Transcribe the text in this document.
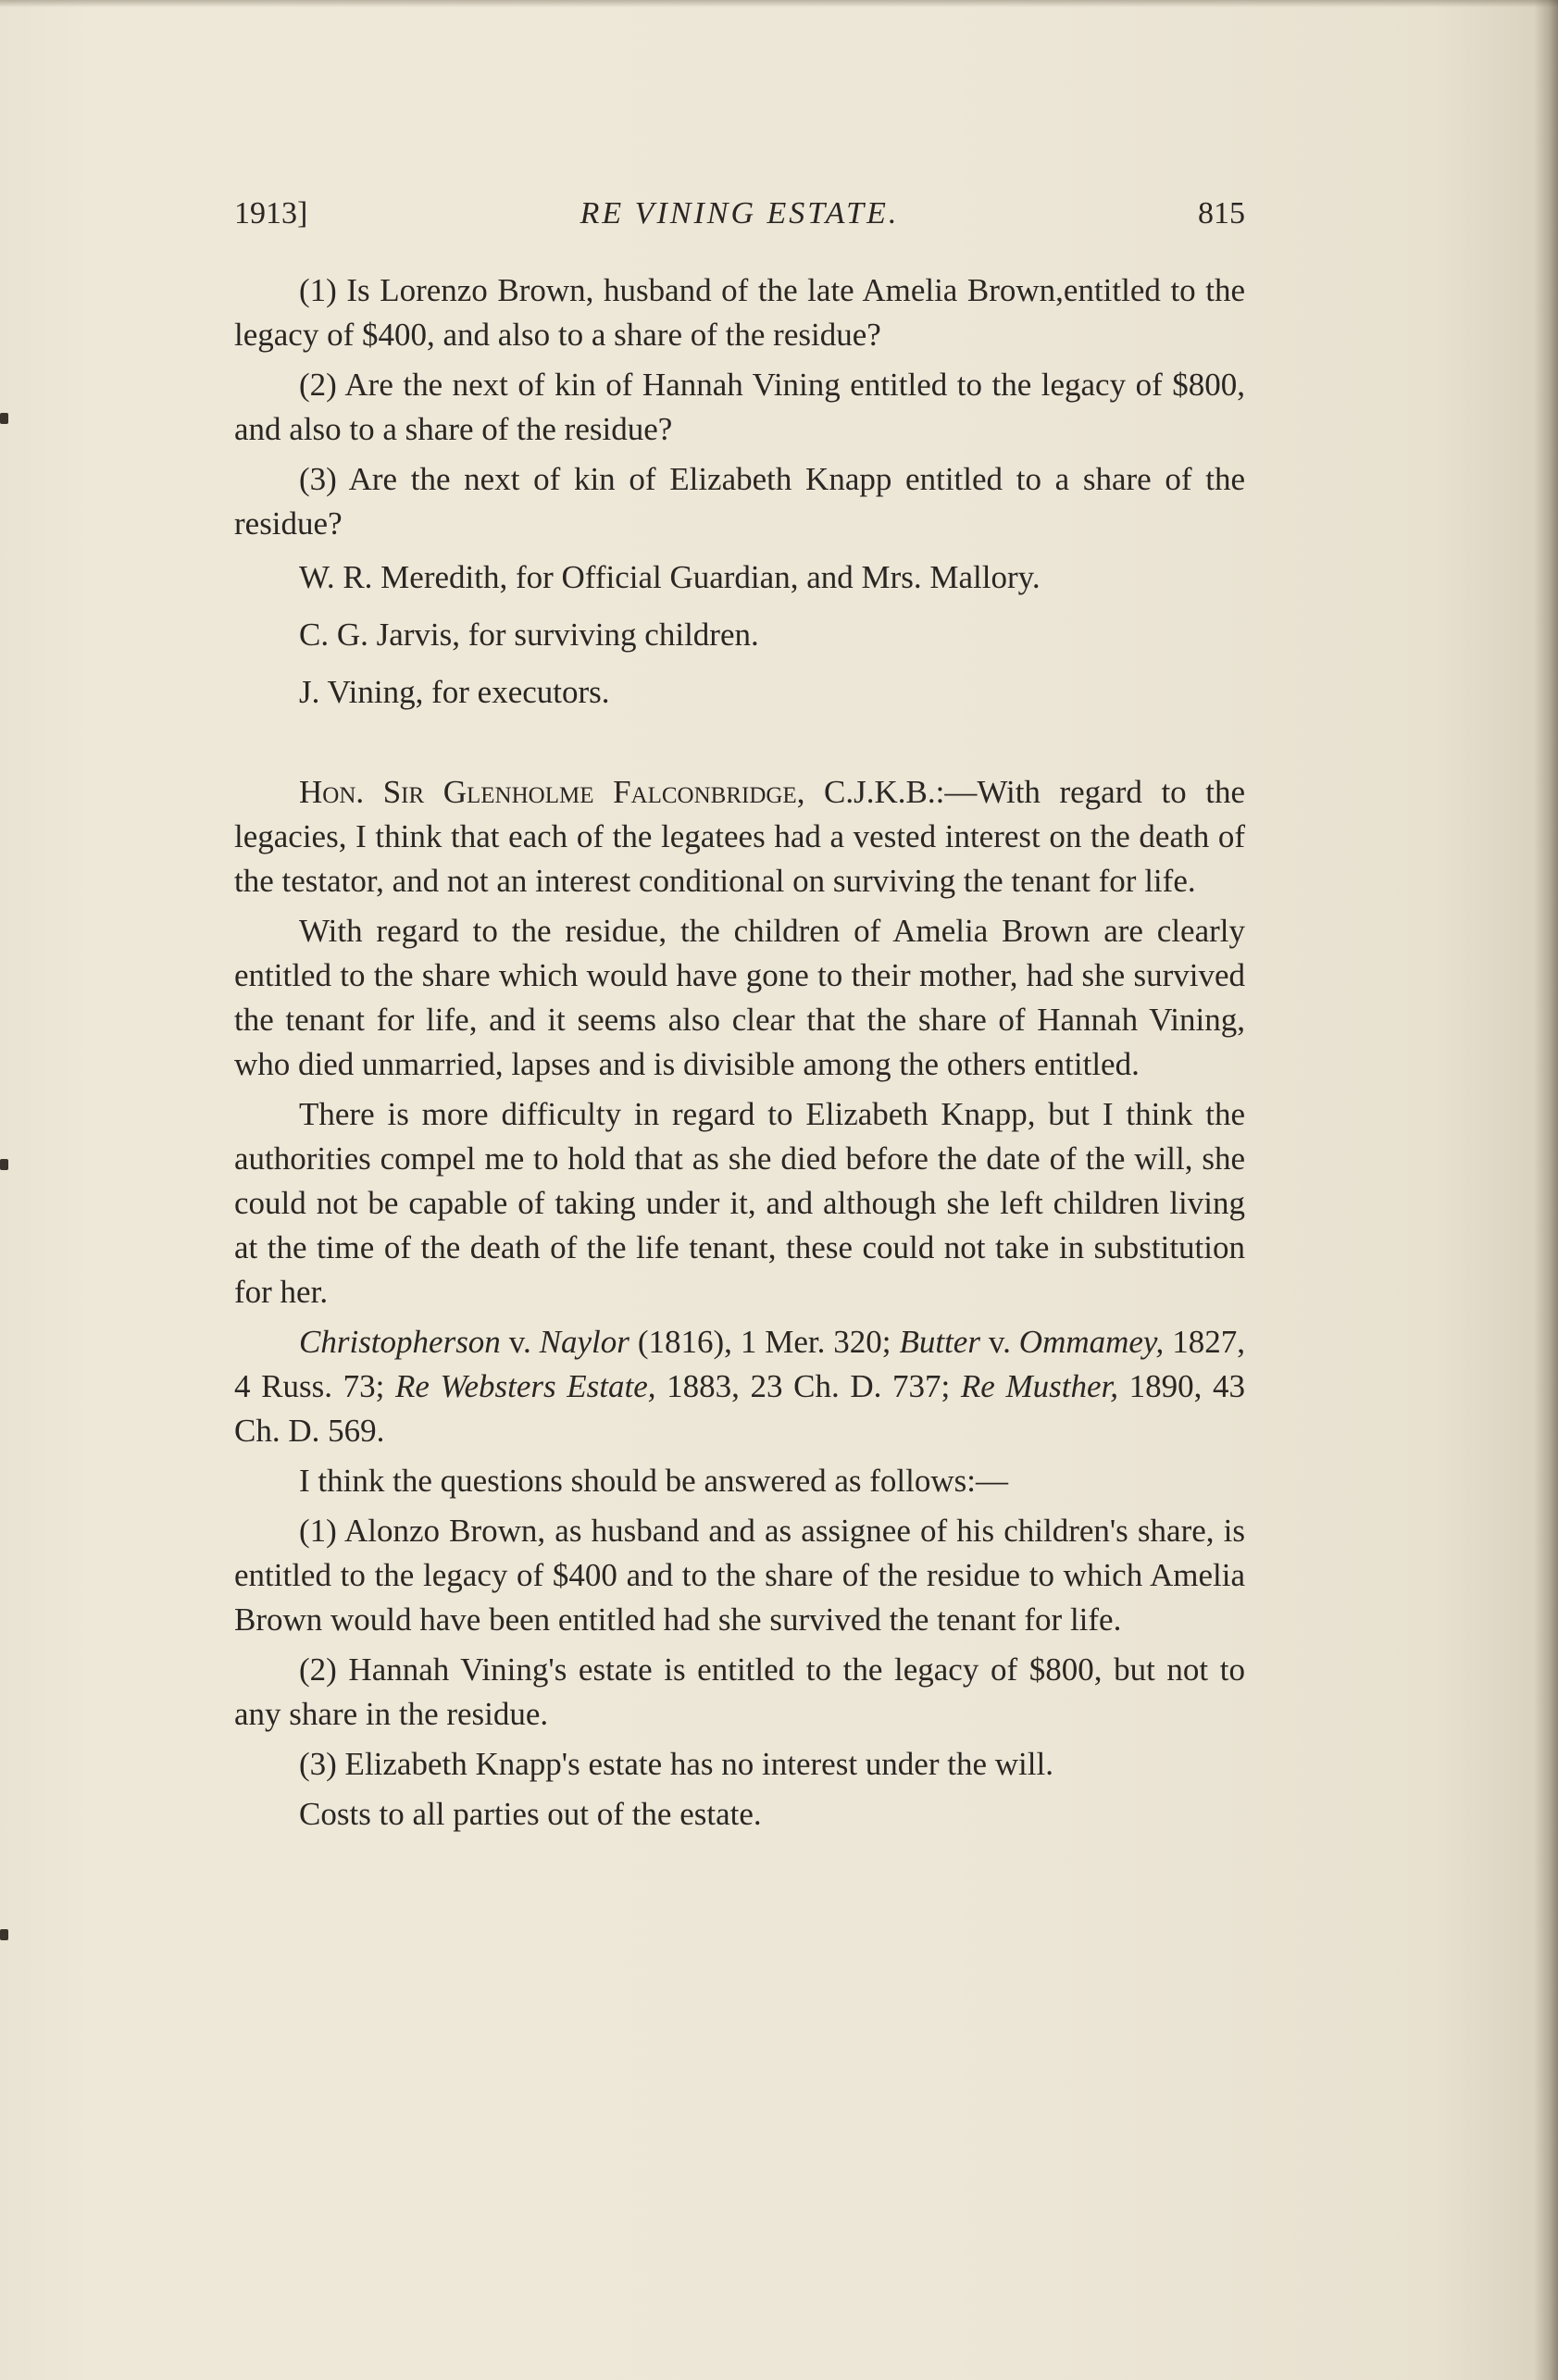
1913]	RE VINING ESTATE.	815

(1) Is Lorenzo Brown, husband of the late Amelia Brown,entitled to the legacy of $400, and also to a share of the residue?

(2) Are the next of kin of Hannah Vining entitled to the legacy of $800, and also to a share of the residue?

(3) Are the next of kin of Elizabeth Knapp entitled to a share of the residue?

W. R. Meredith, for Official Guardian, and Mrs. Mallory.

C. G. Jarvis, for surviving children.

J. Vining, for executors.

Hon. Sir Glenholme Falconbridge, C.J.K.B.:—With regard to the legacies, I think that each of the legatees had a vested interest on the death of the testator, and not an interest conditional on surviving the tenant for life.

With regard to the residue, the children of Amelia Brown are clearly entitled to the share which would have gone to their mother, had she survived the tenant for life, and it seems also clear that the share of Hannah Vining, who died unmarried, lapses and is divisible among the others entitled.

There is more difficulty in regard to Elizabeth Knapp, but I think the authorities compel me to hold that as she died before the date of the will, she could not be capable of taking under it, and although she left children living at the time of the death of the life tenant, these could not take in substitution for her.

Christopherson v. Naylor (1816), 1 Mer. 320; Butter v. Ommamey, 1827, 4 Russ. 73; Re Websters Estate, 1883, 23 Ch. D. 737; Re Musther, 1890, 43 Ch. D. 569.

I think the questions should be answered as follows:—

(1) Alonzo Brown, as husband and as assignee of his children's share, is entitled to the legacy of $400 and to the share of the residue to which Amelia Brown would have been entitled had she survived the tenant for life.

(2) Hannah Vining's estate is entitled to the legacy of $800, but not to any share in the residue.

(3) Elizabeth Knapp's estate has no interest under the will.

Costs to all parties out of the estate.
